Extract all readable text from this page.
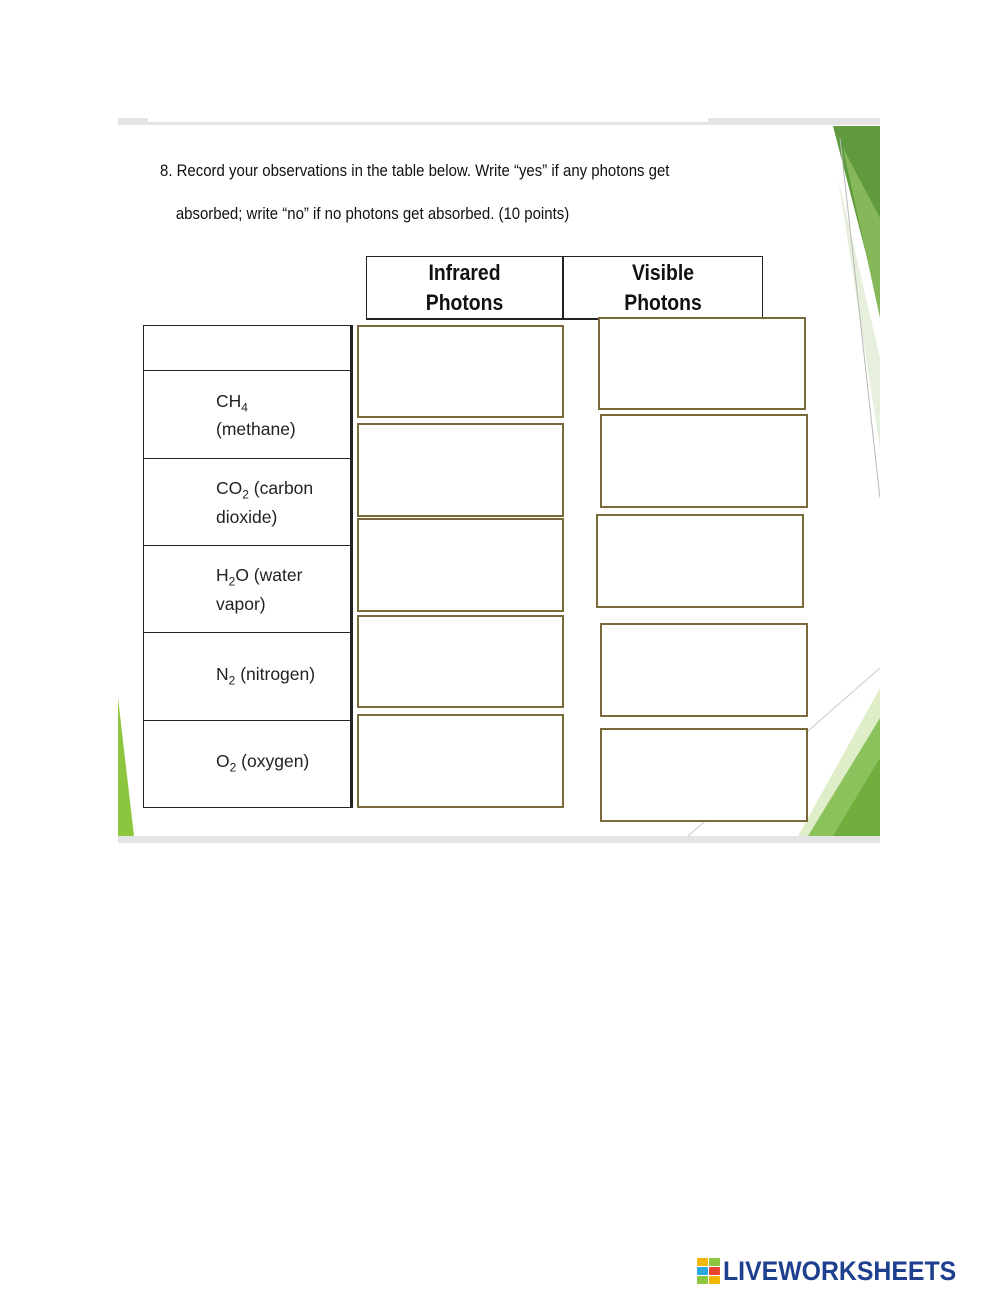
8. Record your observations in the table below. Write “yes” if any photons get
absorbed; write “no” if no photons get absorbed. (10 points)
Infrared
Photons
Visible
Photons
$CH_4$
(methane)
$CO_2$ (carbon
dioxide)
$H_2O$ (water
vapor)
$N_2$ (nitrogen)
$O_2$ (oxygen)
LIVEWORKSHEETS
